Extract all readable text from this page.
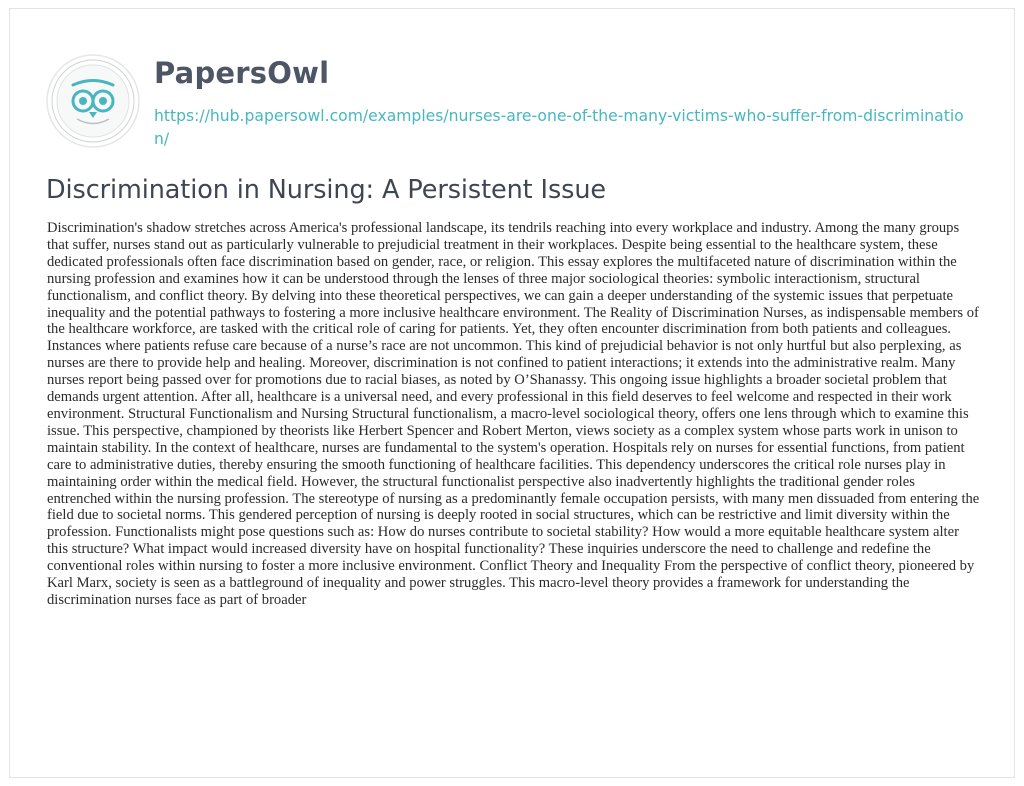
PapersOwl
https://hub.papersowl.com/examples/nurses-are-one-of-the-many-victims-who-suffer-from-discrimination/
Discrimination in Nursing: A Persistent Issue

Discrimination's shadow stretches across America's professional landscape, its tendrils reaching into every workplace and industry. Among the many groups that suffer, nurses stand out as particularly vulnerable to prejudicial treatment in their workplaces. Despite being essential to the healthcare system, these dedicated professionals often face discrimination based on gender, race, or religion. This essay explores the multifaceted nature of discrimination within the nursing profession and examines how it can be understood through the lenses of three major sociological theories: symbolic interactionism, structural functionalism, and conflict theory. By delving into these theoretical perspectives, we can gain a deeper understanding of the systemic issues that perpetuate inequality and the potential pathways to fostering a more inclusive healthcare environment. The Reality of Discrimination Nurses, as indispensable members of the healthcare workforce, are tasked with the critical role of caring for patients. Yet, they often encounter discrimination from both patients and colleagues. Instances where patients refuse care because of a nurse’s race are not uncommon. This kind of prejudicial behavior is not only hurtful but also perplexing, as nurses are there to provide help and healing. Moreover, discrimination is not confined to patient interactions; it extends into the administrative realm. Many nurses report being passed over for promotions due to racial biases, as noted by O’Shanassy. This ongoing issue highlights a broader societal problem that demands urgent attention. After all, healthcare is a universal need, and every professional in this field deserves to feel welcome and respected in their work environment. Structural Functionalism and Nursing Structural functionalism, a macro-level sociological theory, offers one lens through which to examine this issue. This perspective, championed by theorists like Herbert Spencer and Robert Merton, views society as a complex system whose parts work in unison to maintain stability. In the context of healthcare, nurses are fundamental to the system's operation. Hospitals rely on nurses for essential functions, from patient care to administrative duties, thereby ensuring the smooth functioning of healthcare facilities. This dependency underscores the critical role nurses play in maintaining order within the medical field. However, the structural functionalist perspective also inadvertently highlights the traditional gender roles entrenched within the nursing profession. The stereotype of nursing as a predominantly female occupation persists, with many men dissuaded from entering the field due to societal norms. This gendered perception of nursing is deeply rooted in social structures, which can be restrictive and limit diversity within the profession. Functionalists might pose questions such as: How do nurses contribute to societal stability? How would a more equitable healthcare system alter this structure? What impact would increased diversity have on hospital functionality? These inquiries underscore the need to challenge and redefine the conventional roles within nursing to foster a more inclusive environment. Conflict Theory and Inequality From the perspective of conflict theory, pioneered by Karl Marx, society is seen as a battleground of inequality and power struggles. This macro-level theory provides a framework for understanding the discrimination nurses face as part of broader
